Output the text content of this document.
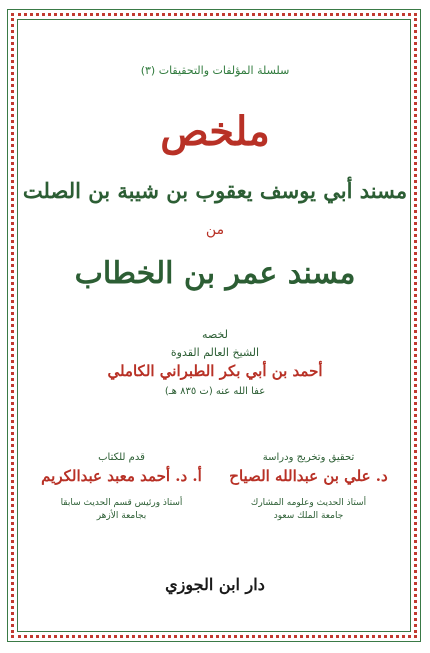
سلسلة المؤلفات والتحقيقات (٣)
ملخص
مسند أبي يوسف يعقوب بن شيبة بن الصلت
من
مسند عمر بن الخطاب
لخصه
الشيخ العالم القدوة
أحمد بن أبي بكر الطبراني الكاملي
عفا الله عنه (ت ٨٣٥ هـ)
تحقيق وتخريج ودراسة
د. علي بن عبدالله الصياح
أستاذ الحديث وعلومه المشارك
جامعة الملك سعود
قدم للكتاب
أ. د. أحمد معبد عبدالكريم
أستاذ ورئيس قسم الحديث سابقا
بجامعة الأزهر
دار ابن الجوزي
